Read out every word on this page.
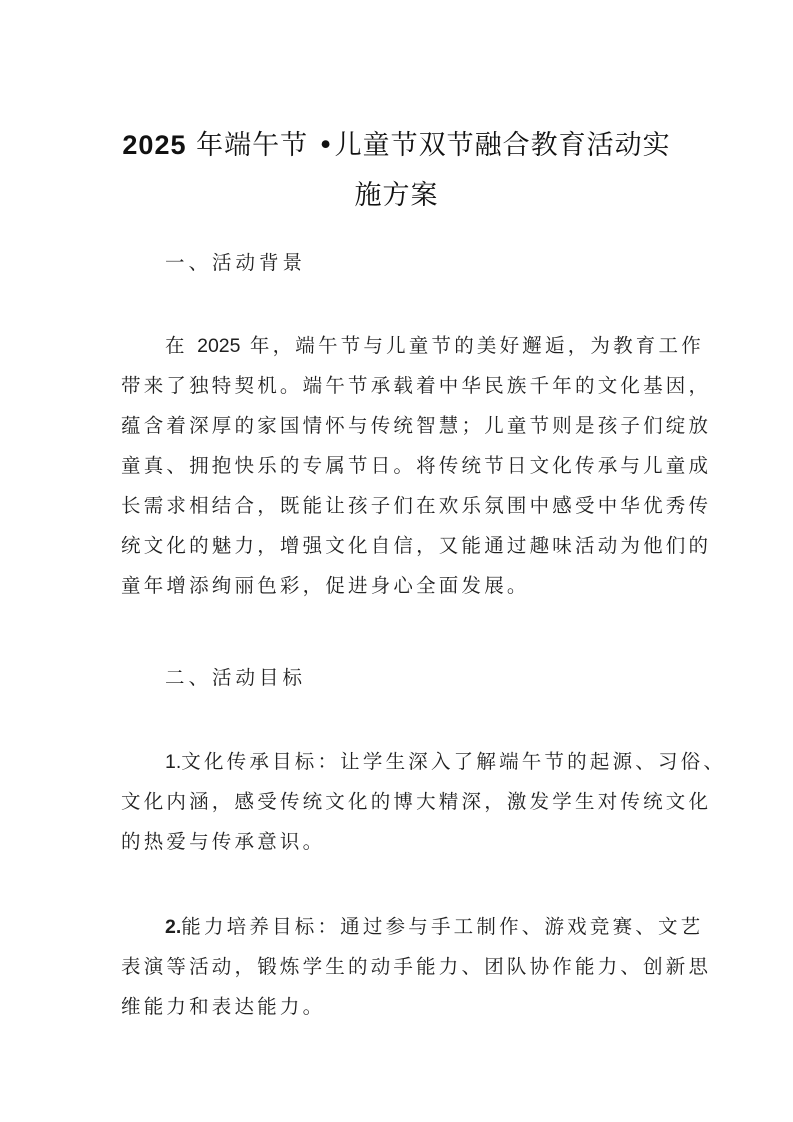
2025 年端午节 •儿童节双节融合教育活动实
施方案
一、活动背景
在 2025 年，端午节与儿童节的美好邂逅，为教育工作
带来了独特契机。端午节承载着中华民族千年的文化基因，
蕴含着深厚的家国情怀与传统智慧；儿童节则是孩子们绽放
童真、拥抱快乐的专属节日。将传统节日文化传承与儿童成
长需求相结合，既能让孩子们在欢乐氛围中感受中华优秀传
统文化的魅力，增强文化自信，又能通过趣味活动为他们的
童年增添绚丽色彩，促进身心全面发展。
二、活动目标
1.文化传承目标：让学生深入了解端午节的起源、习俗、
文化内涵，感受传统文化的博大精深，激发学生对传统文化
的热爱与传承意识。
2.能力培养目标：通过参与手工制作、游戏竞赛、文艺
表演等活动，锻炼学生的动手能力、团队协作能力、创新思
维能力和表达能力。
